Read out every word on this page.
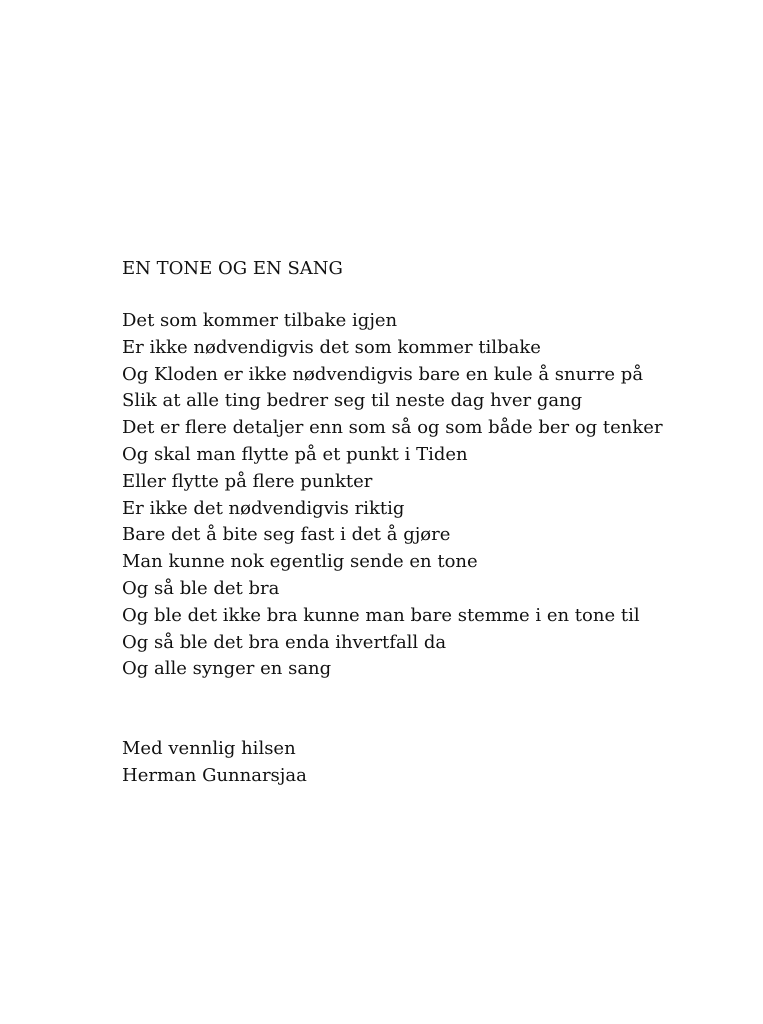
EN TONE OG EN SANG
Det som kommer tilbake igjen
Er ikke nødvendigvis det som kommer tilbake
Og Kloden er ikke nødvendigvis bare en kule å snurre på
Slik at alle ting bedrer seg til neste dag hver gang
Det er flere detaljer enn som så og som både ber og tenker
Og skal man flytte på et punkt i Tiden
Eller flytte på flere punkter
Er ikke det nødvendigvis riktig
Bare det å bite seg fast i det å gjøre
Man kunne nok egentlig sende en tone
Og så ble det bra
Og ble det ikke bra kunne man bare stemme i en tone til
Og så ble det bra enda ihvertfall da
Og alle synger en sang
Med vennlig hilsen
Herman Gunnarsjaa
